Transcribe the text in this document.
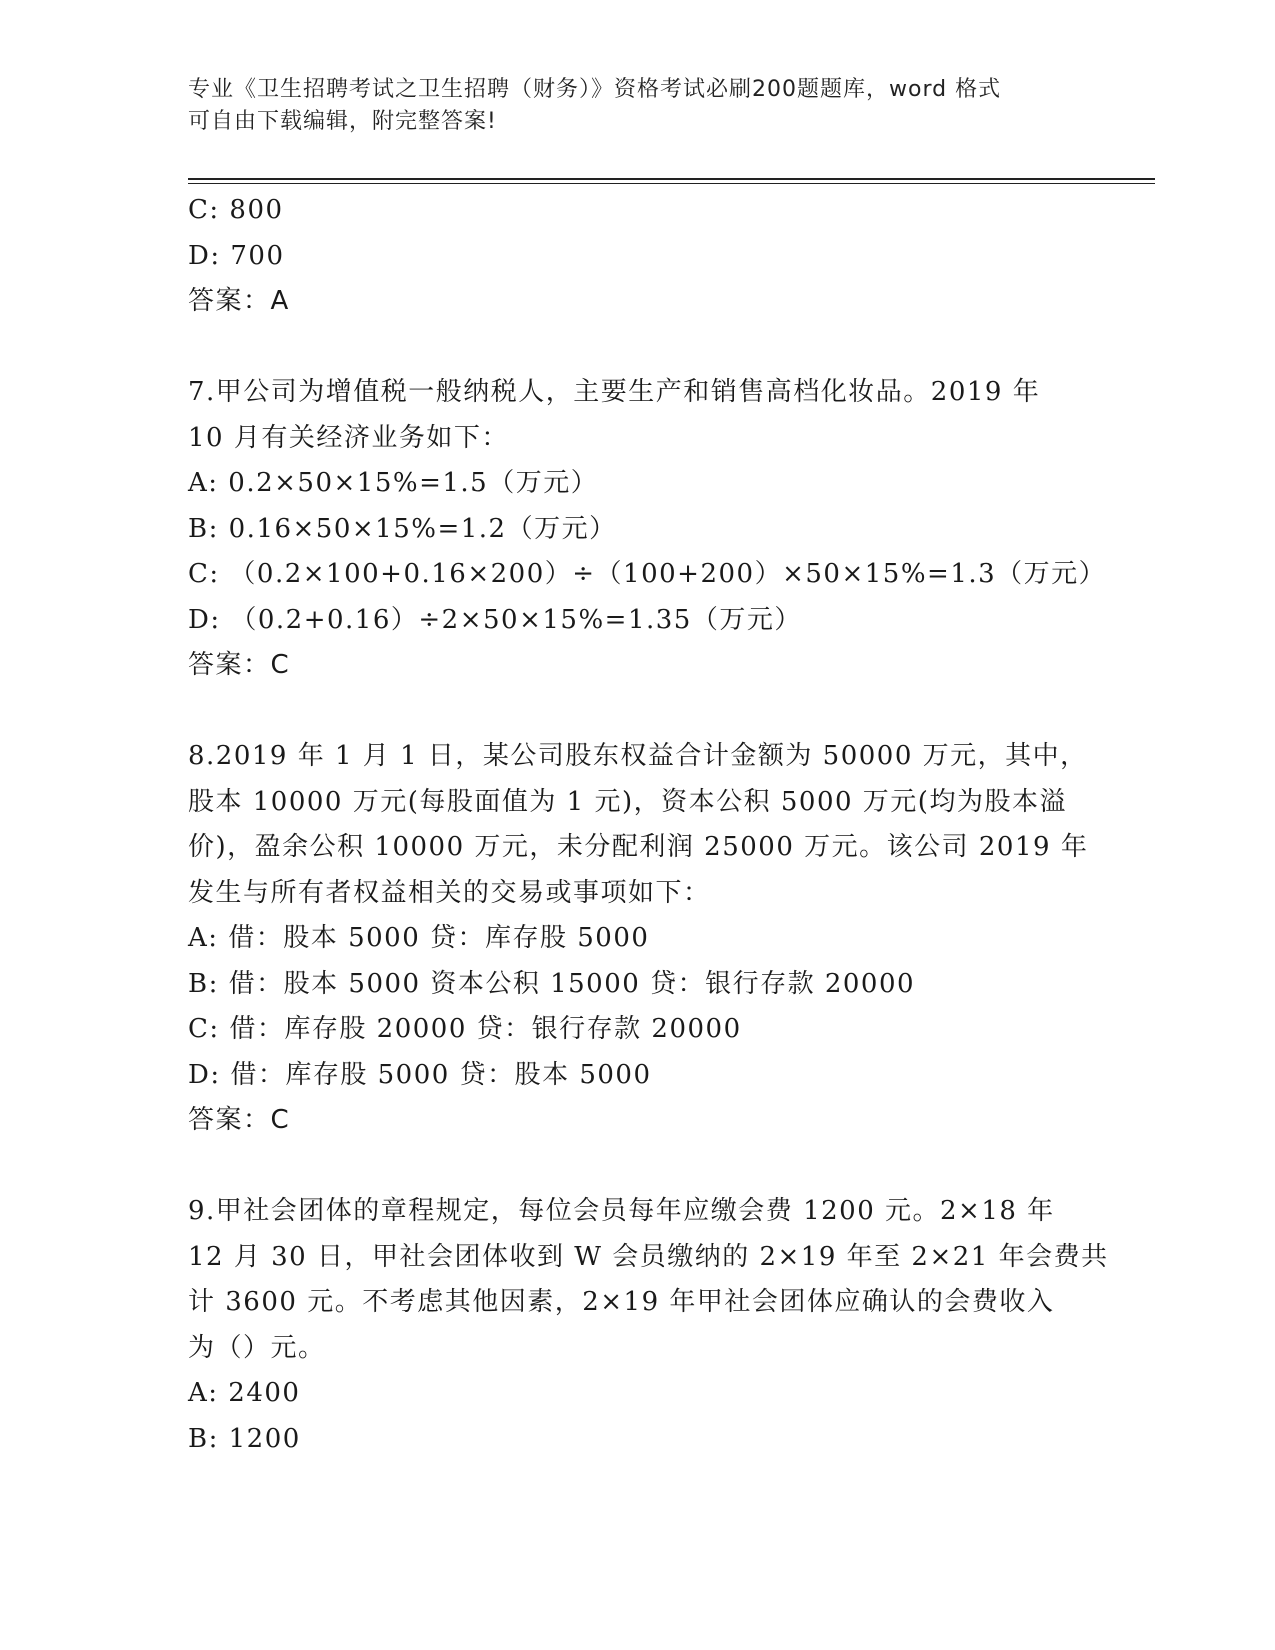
专业《卫生招聘考试之卫生招聘（财务）》资格考试必刷200题题库，word 格式
可自由下载编辑，附完整答案!
C: 800
D: 700
答案：A
7.甲公司为增值税一般纳税人，主要生产和销售高档化妆品。2019 年
10 月有关经济业务如下：
A: 0.2×50×15%=1.5（万元）
B: 0.16×50×15%=1.2（万元）
C: （0.2×100+0.16×200）÷（100+200）×50×15%=1.3（万元）
D: （0.2+0.16）÷2×50×15%=1.35（万元）
答案：C
8.2019 年 1 月 1 日，某公司股东权益合计金额为 50000 万元，其中，
股本 10000 万元(每股面值为 1 元)，资本公积 5000 万元(均为股本溢
价)，盈余公积 10000 万元，未分配利润 25000 万元。该公司 2019 年
发生与所有者权益相关的交易或事项如下：
A: 借：股本 5000 贷：库存股 5000
B: 借：股本 5000 资本公积 15000 贷：银行存款 20000
C: 借：库存股 20000 贷：银行存款 20000
D: 借：库存股 5000 贷：股本 5000
答案：C
9.甲社会团体的章程规定，每位会员每年应缴会费 1200 元。2×18 年
12 月 30 日，甲社会团体收到 W 会员缴纳的 2×19 年至 2×21 年会费共
计 3600 元。不考虑其他因素，2×19 年甲社会团体应确认的会费收入
为（）元。
A: 2400
B: 1200
